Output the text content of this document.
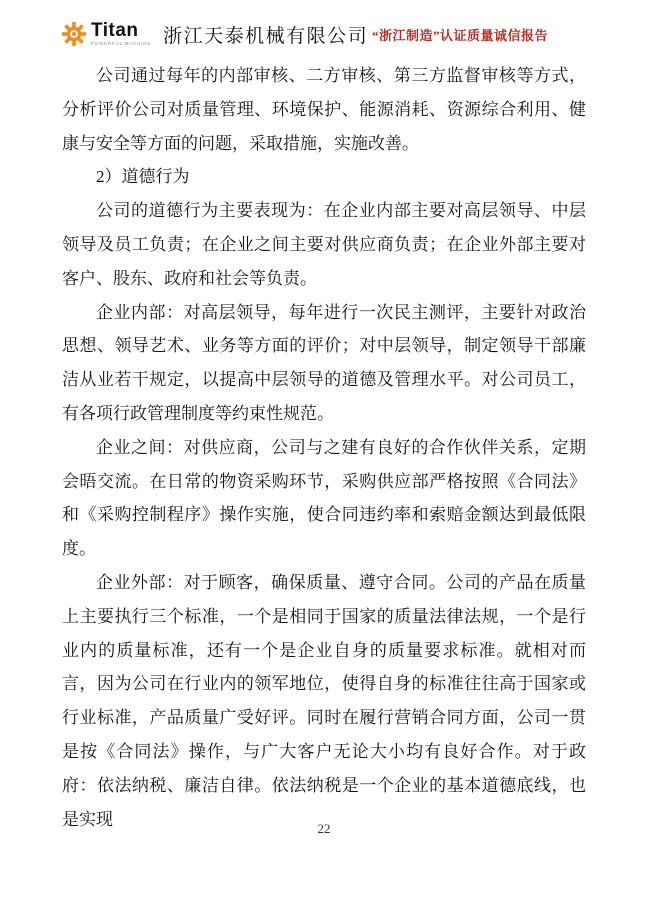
Titan
POWERFUL MACHINE 浙江天泰机械有限公司 “浙江制造”认证质量诚信报告

公司通过每年的内部审核、二方审核、第三方监督审核等方式，分析评价公司对质量管理、环境保护、能源消耗、资源综合利用、健康与安全等方面的问题，采取措施，实施改善。

2）道德行为

公司的道德行为主要表现为：在企业内部主要对高层领导、中层领导及员工负责；在企业之间主要对供应商负责；在企业外部主要对客户、股东、政府和社会等负责。

企业内部：对高层领导，每年进行一次民主测评，主要针对政治思想、领导艺术、业务等方面的评价；对中层领导，制定领导干部廉洁从业若干规定，以提高中层领导的道德及管理水平。对公司员工，有各项行政管理制度等约束性规范。

企业之间：对供应商，公司与之建有良好的合作伙伴关系，定期会晤交流。在日常的物资采购环节，采购供应部严格按照《合同法》和《采购控制程序》操作实施，使合同违约率和索赔金额达到最低限度。

企业外部：对于顾客，确保质量、遵守合同。公司的产品在质量上主要执行三个标准，一个是相同于国家的质量法律法规，一个是行业内的质量标准，还有一个是企业自身的质量要求标准。就相对而言，因为公司在行业内的领军地位，使得自身的标准往往高于国家或行业标准，产品质量广受好评。同时在履行营销合同方面，公司一贯是按《合同法》操作，与广大客户无论大小均有良好合作。对于政府：依法纳税、廉洁自律。依法纳税是一个企业的基本道德底线，也是实现	22
